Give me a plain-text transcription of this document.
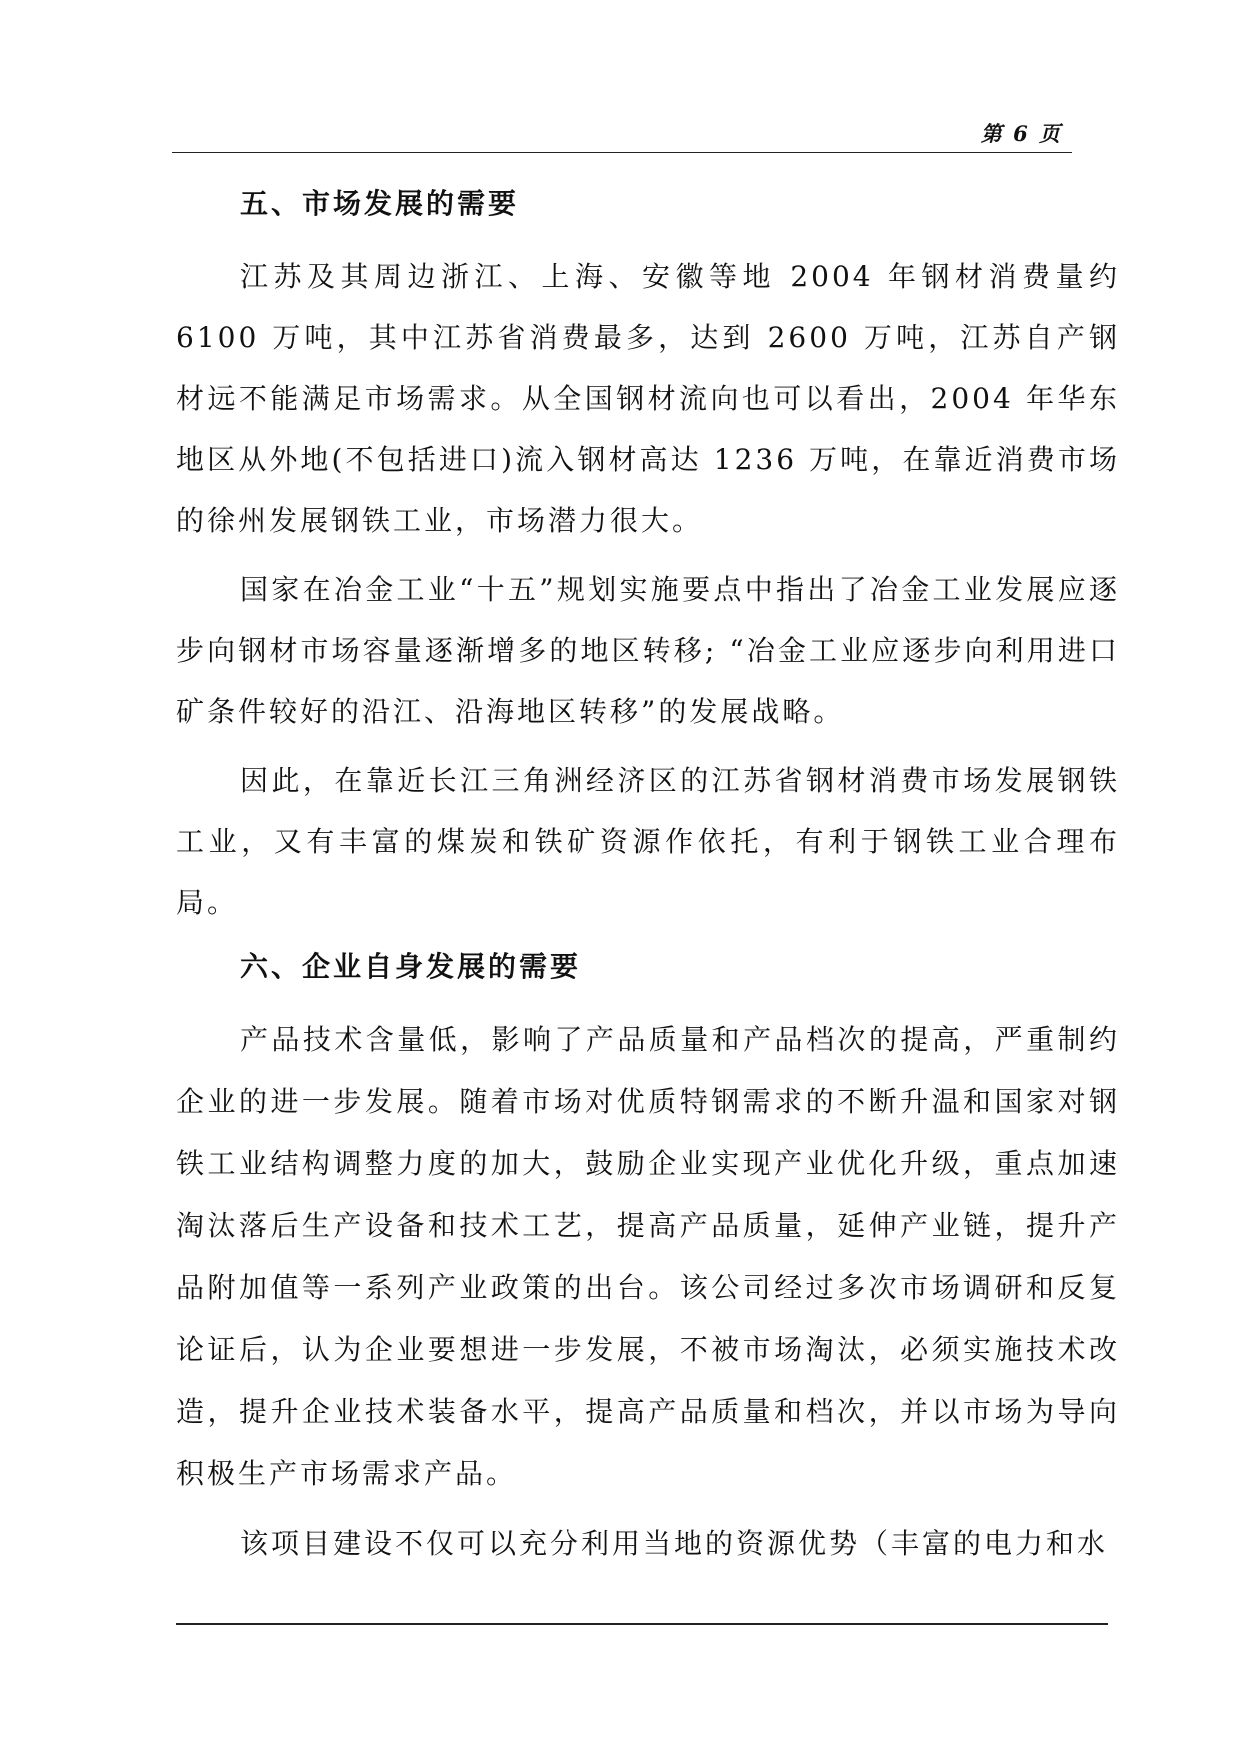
第 6 页
五、市场发展的需要

江苏及其周边浙江、上海、安徽等地 2004 年钢材消费量约 6100 万吨，其中江苏省消费最多，达到 2600 万吨，江苏自产钢材远不能满足市场需求。从全国钢材流向也可以看出，2004 年华东地区从外地(不包括进口)流入钢材高达 1236 万吨，在靠近消费市场的徐州发展钢铁工业，市场潜力很大。

国家在冶金工业“十五”规划实施要点中指出了冶金工业发展应逐步向钢材市场容量逐渐增多的地区转移; “冶金工业应逐步向利用进口矿条件较好的沿江、沿海地区转移”的发展战略。

因此，在靠近长江三角洲经济区的江苏省钢材消费市场发展钢铁工业，又有丰富的煤炭和铁矿资源作依托，有利于钢铁工业合理布局。

六、企业自身发展的需要

产品技术含量低，影响了产品质量和产品档次的提高，严重制约企业的进一步发展。随着市场对优质特钢需求的不断升温和国家对钢铁工业结构调整力度的加大，鼓励企业实现产业优化升级，重点加速淘汰落后生产设备和技术工艺，提高产品质量，延伸产业链，提升产品附加值等一系列产业政策的出台。该公司经过多次市场调研和反复论证后，认为企业要想进一步发展，不被市场淘汰，必须实施技术改造，提升企业技术装备水平，提高产品质量和档次，并以市场为导向积极生产市场需求产品。

该项目建设不仅可以充分利用当地的资源优势（丰富的电力和水
